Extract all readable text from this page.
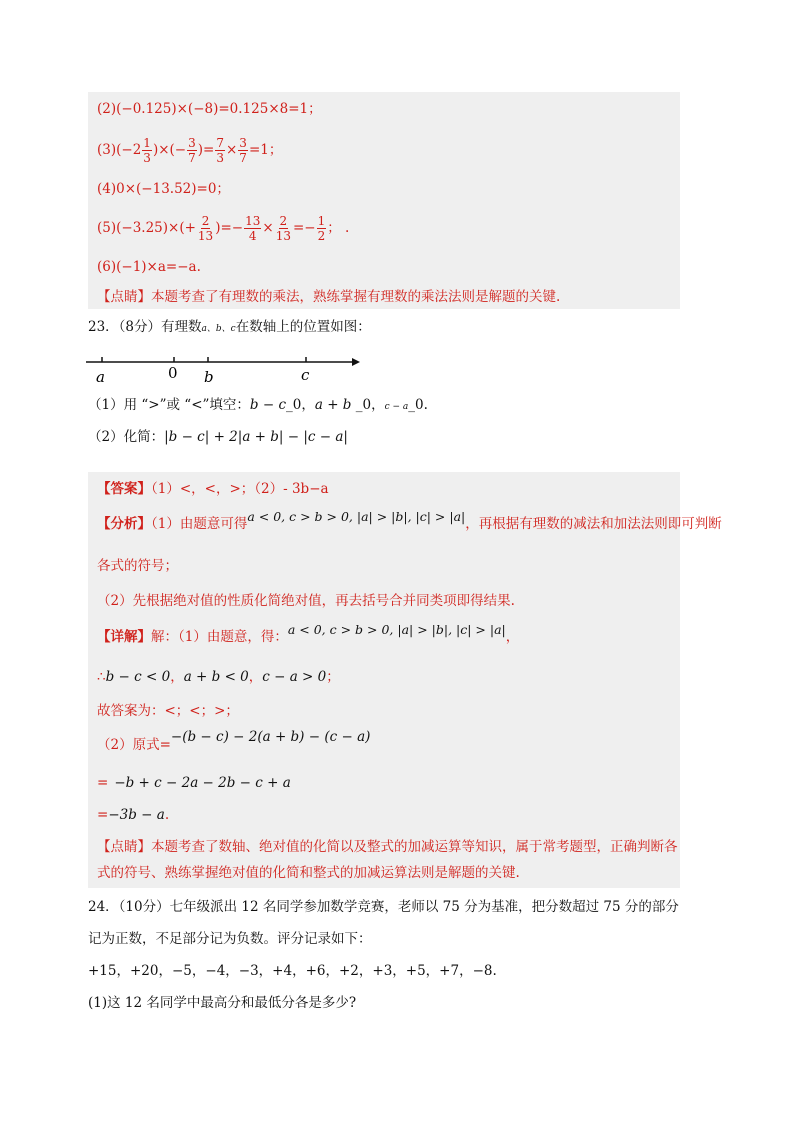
(2)(−0.125)×(−8)=0.125×8=1；
$(3)(-2 \frac{1}{3}$ )×(− $\frac{3}{7}$ )= $\frac{7}{3} \times \frac{3}{7} =1$；
(4)0×(−13.52)=0；
$(5)(-3.25)\times(+ \frac{2}{13}$ )=− $\frac{13}{4} \times \frac{2}{13} =- \frac{1}{2}$ ； .
(6)(−1)×a=−a.
【点睛】本题考查了有理数的乘法，熟练掌握有理数的乘法法则是解题的关键.
23．（8分）有理数a、b、c在数轴上的位置如图：
a	0 b	c
（1）用 “>”或 “<”填空：b − c_0，a + b _0，c − a_0.
（2）化简：|b − c| + 2|a + b| − |c − a|
【答案】（1）<，<，>；（2）- 3b−a
【分析】（1）由题意可得a < 0, c > b > 0, |a| > |b|, |c| > |a|，再根据有理数的减法和加法法则即可判断
各式的符号；
（2）先根据绝对值的性质化简绝对值，再去括号合并同类项即得结果.
【详解】解：（1）由题意，得：a < 0, c > b > 0, |a| > |b|, |c| > |a|，
∴b − c < 0，a + b < 0，c − a > 0；
故答案为：<；<；>；
（2）原式=−(b − c) − 2(a + b) − (c − a)
= −b + c − 2a − 2b − c + a
=−3b − a.
【点睛】本题考查了数轴、绝对值的化简以及整式的加减运算等知识，属于常考题型，正确判断各
式的符号、熟练掌握绝对值的化简和整式的加减运算法则是解题的关键.
24．（10分）七年级派出 12 名同学参加数学竞赛，老师以 75 分为基准，把分数超过 75 分的部分
记为正数，不足部分记为负数。评分记录如下：
+15，+20，−5，−4，−3，+4，+6，+2，+3，+5，+7，−8.
(1)这 12 名同学中最高分和最低分各是多少?
